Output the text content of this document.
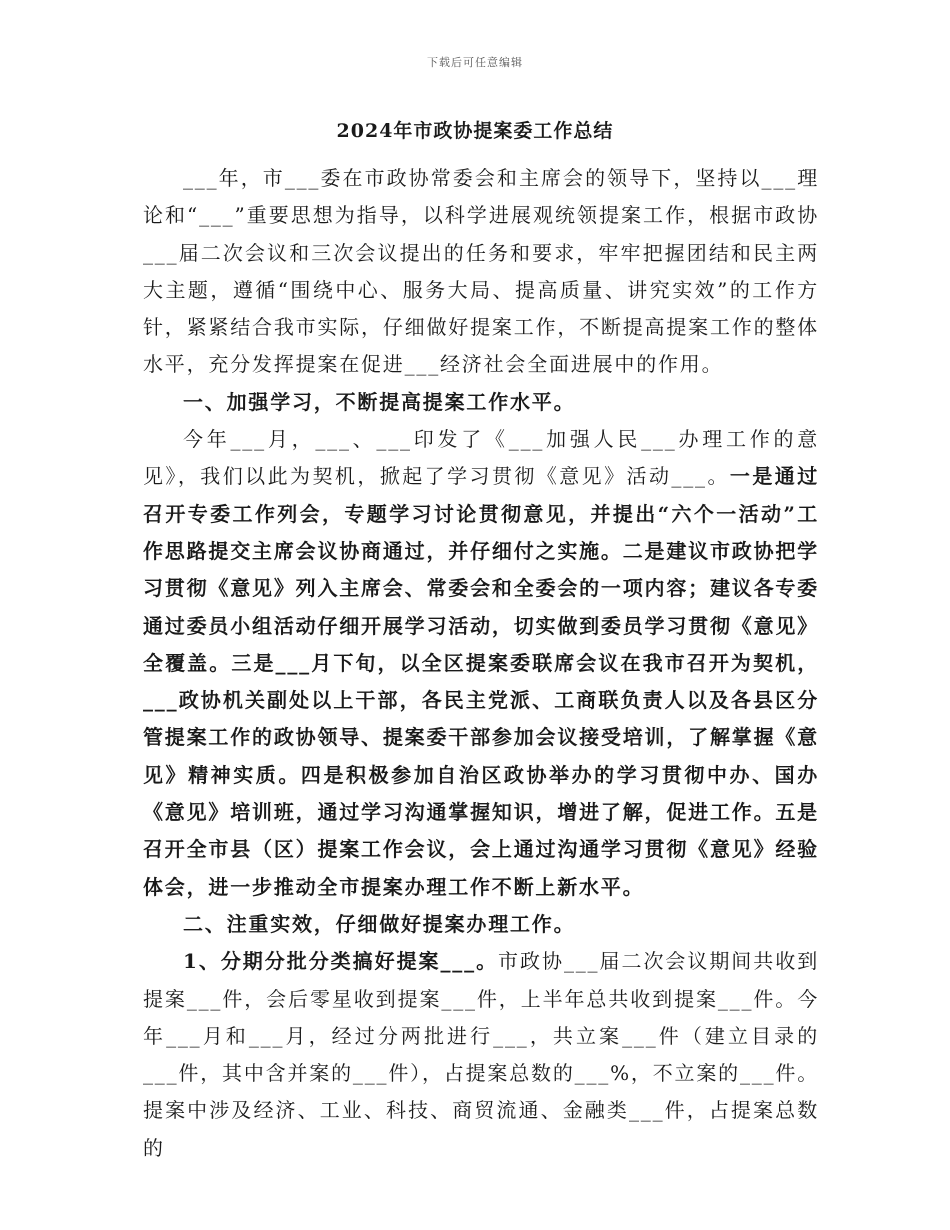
下载后可任意编辑
2024年市政协提案委工作总结

___年，市___委在市政协常委会和主席会的领导下，坚持以___理论和“___”重要思想为指导，以科学进展观统领提案工作，根据市政协___届二次会议和三次会议提出的任务和要求，牢牢把握团结和民主两大主题，遵循“围绕中心、服务大局、提高质量、讲究实效”的工作方针，紧紧结合我市实际，仔细做好提案工作，不断提高提案工作的整体水平，充分发挥提案在促进___经济社会全面进展中的作用。

一、加强学习，不断提高提案工作水平。

今年___月，___、___印发了《___加强人民___办理工作的意见》，我们以此为契机，掀起了学习贯彻《意见》活动___。一是通过召开专委工作列会，专题学习讨论贯彻意见，并提出“六个一活动”工作思路提交主席会议协商通过，并仔细付之实施。二是建议市政协把学习贯彻《意见》列入主席会、常委会和全委会的一项内容；建议各专委通过委员小组活动仔细开展学习活动，切实做到委员学习贯彻《意见》全覆盖。三是___月下旬，以全区提案委联席会议在我市召开为契机，___政协机关副处以上干部，各民主党派、工商联负责人以及各县区分管提案工作的政协领导、提案委干部参加会议接受培训，了解掌握《意见》精神实质。四是积极参加自治区政协举办的学习贯彻中办、国办《意见》培训班，通过学习沟通掌握知识，增进了解，促进工作。五是召开全市县（区）提案工作会议，会上通过沟通学习贯彻《意见》经验体会，进一步推动全市提案办理工作不断上新水平。

二、注重实效，仔细做好提案办理工作。

1、分期分批分类搞好提案___。市政协___届二次会议期间共收到提案___件，会后零星收到提案___件，上半年总共收到提案___件。今年___月和___月，经过分两批进行___，共立案___件（建立目录的___件，其中含并案的___件），占提案总数的___%，不立案的___件。提案中涉及经济、工业、科技、商贸流通、金融类___件，占提案总数的
